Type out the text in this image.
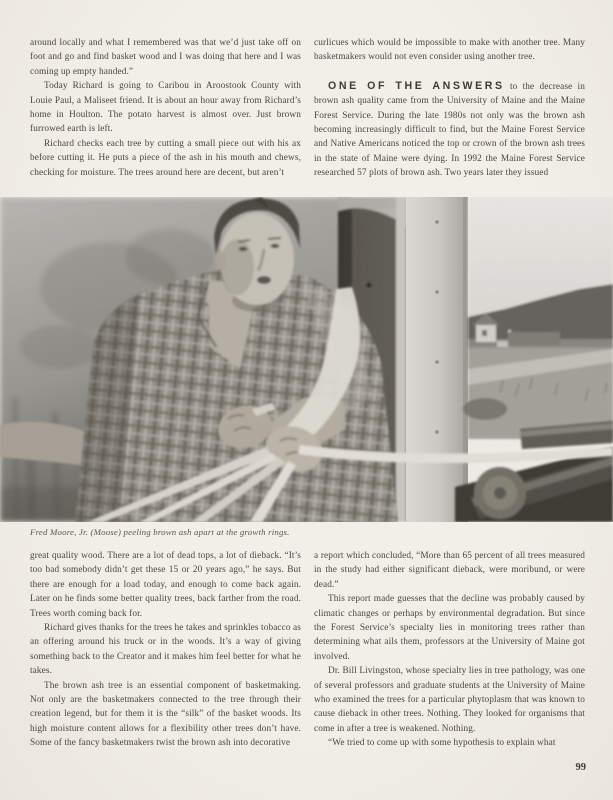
around locally and what I remembered was that we’d just take off on foot and go and find basket wood and I was doing that here and I was coming up empty handed.”

Today Richard is going to Caribou in Aroostook County with Louie Paul, a Maliseet friend. It is about an hour away from Richard’s home in Houlton. The potato harvest is almost over. Just brown furrowed earth is left.

Richard checks each tree by cutting a small piece out with his ax before cutting it. He puts a piece of the ash in his mouth and chews, checking for moisture. The trees around here are decent, but aren’t

curlicues which would be impossible to make with another tree. Many basketmakers would not even consider using another tree.

ONE OF THE ANSWERS to the decrease in brown ash quality came from the University of Maine and the Maine Forest Service. During the late 1980s not only was the brown ash becoming increasingly difficult to find, but the Maine Forest Service and Native Americans noticed the top or crown of the brown ash trees in the state of Maine were dying. In 1992 the Maine Forest Service researched 57 plots of brown ash. Two years later they issued

Fred Moore, Jr. (Moose) peeling brown ash apart at the growth rings.

great quality wood. There are a lot of dead tops, a lot of dieback. “It’s too bad somebody didn’t get these 15 or 20 years ago,” he says. But there are enough for a load today, and enough to come back again. Later on he finds some better quality trees, back farther from the road. Trees worth coming back for.

Richard gives thanks for the trees he takes and sprinkles tobacco as an offering around his truck or in the woods. It’s a way of giving something back to the Creator and it makes him feel better for what he takes.

The brown ash tree is an essential component of basketmaking. Not only are the basketmakers connected to the tree through their creation legend, but for them it is the “silk” of the basket woods. Its high moisture content allows for a flexibility other trees don’t have. Some of the fancy basketmakers twist the brown ash into decorative

a report which concluded, “More than 65 percent of all trees measured in the study had either significant dieback, were moribund, or were dead.”

This report made guesses that the decline was probably caused by climatic changes or perhaps by environmental degradation. But since the Forest Service’s specialty lies in monitoring trees rather than determining what ails them, professors at the University of Maine got involved.

Dr. Bill Livingston, whose specialty lies in tree pathology, was one of several professors and graduate students at the University of Maine who examined the trees for a particular phytoplasm that was known to cause dieback in other trees. Nothing. They looked for organisms that come in after a tree is weakened. Nothing.

“We tried to come up with some hypothesis to explain what

99
